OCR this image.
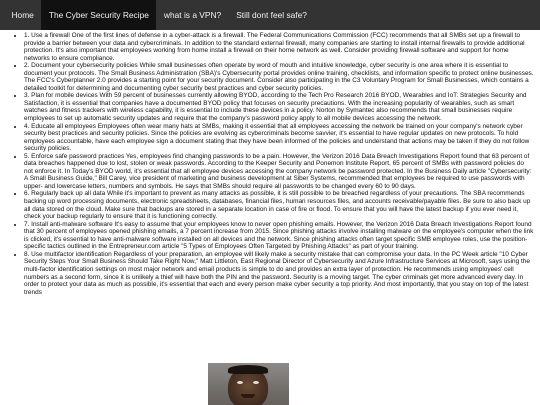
Home	The Cyber Security Recipe	what is a VPN?	Still dont feel safe?
• 1. Use a firewall One of the first lines of defense in a cyber-attack is a firewall. The Federal Communications Commission (FCC) recommends that all SMBs set up a firewall to provide a barrier between your data and cybercriminals. In addition to the standard external firewall, many companies are starting to install internal firewalls to provide additional protection. It's also important that employees working from home install a firewall on their home network as well. Consider providing firewall software and support for home networks to ensure compliance.
• 2. Document your cybersecurity policies While small businesses often operate by word of mouth and intuitive knowledge, cyber security is one area where it is essential to document your protocols. The Small Business Administration (SBA)'s Cybersecurity portal provides online training, checklists, and information specific to protect online businesses. The FCC's Cyberplanner 2.0 provides a starting point for your security document. Consider also participating in the C3 Voluntary Program for Small Businesses, which contains a detailed toolkit for determining and documenting cyber security best practices and cyber security policies.
• 3. Plan for mobile devices With 59 percent of businesses currently allowing BYOD, according to the Tech Pro Research 2016 BYOD, Wearables and IoT: Strategies Security and Satisfaction, it is essential that companies have a documented BYOD policy that focuses on security precautions. With the increasing popularity of wearables, such as smart watches and fitness trackers with wireless capability, it is essential to include these devices in a policy. Norton by Symantec also recommends that small businesses require employees to set up automatic security updates and require that the company's password policy apply to all mobile devices accessing the network.
• 4. Educate all employees Employees often wear many hats at SMBs, making it essential that all employees accessing the network be trained on your company's network cyber security best practices and security policies. Since the policies are evolving as cybercriminals become savvier, it's essential to have regular updates on new protocols. To hold employees accountable, have each employee sign a document stating that they have been informed of the policies and understand that actions may be taken if they do not follow security policies.
• 5. Enforce safe password practices Yes, employees find changing passwords to be a pain. However, the Verizon 2016 Data Breach Investigations Report found that 63 percent of data breaches happened due to lost, stolen or weak passwords. According to the Keeper Security and Ponemon Institute Report, 65 percent of SMBs with password policies do not enforce it. In Today's BYOD world, it's essential that all employee devices accessing the company network be password protected. In the Business Daily article "Cybersecurity: A Small Business Guide," Bill Carey, vice president of marketing and business development at Siber Systems, recommended that employees be required to use passwords with upper- and lowercase letters, numbers and symbols. He says that SMBs should require all passwords to be changed every 60 to 90 days.
• 6. Regularly back up all data While it's important to prevent as many attacks as possible, it is still possible to be breached regardless of your precautions. The SBA recommends backing up word processing documents, electronic spreadsheets, databases, financial files, human resources files, and accounts receivable/payable files. Be sure to also back up all data stored on the cloud. Make sure that backups are stored in a separate location in case of fire or flood. To ensure that you will have the latest backup if you ever need it, check your backup regularly to ensure that it is functioning correctly.
• 7. Install anti-malware software It's easy to assume that your employees know to never open phishing emails. However, the Verizon 2016 Data Breach Investigations Report found that 30 percent of employees opened phishing emails, a 7 percent increase from 2015. Since phishing attacks involve installing malware on the employee's computer when the link is clicked, it's essential to have anti-malware software installed on all devices and the network. Since phishing attacks often target specific SMB employee roles, use the position-specific tactics outlined in the Entrepreneur.com article "5 Types of Employees Often Targeted by Phishing Attacks" as part of your training.
• 8. Use multifactor identification Regardless of your preparation, an employee will likely make a security mistake that can compromise your data. In the PC Week article "10 Cyber Security Steps Your Small Business Should Take Right Now," Matt Littleton, East Regional Director of Cybersecurity and Azure Infrastructure Services at Microsoft, says using the multi-factor identification settings on most major network and email products is simple to do and provides an extra layer of protection. He recommends using employees' cell numbers as a second form, since it is unlikely a thief will have both the PIN and the password. Security is a moving target. The cyber criminals get more advanced every day. In order to protect your data as much as possible, it's essential that each and every person make cyber security a top priority. And most importantly, that you stay on top of the latest trends
